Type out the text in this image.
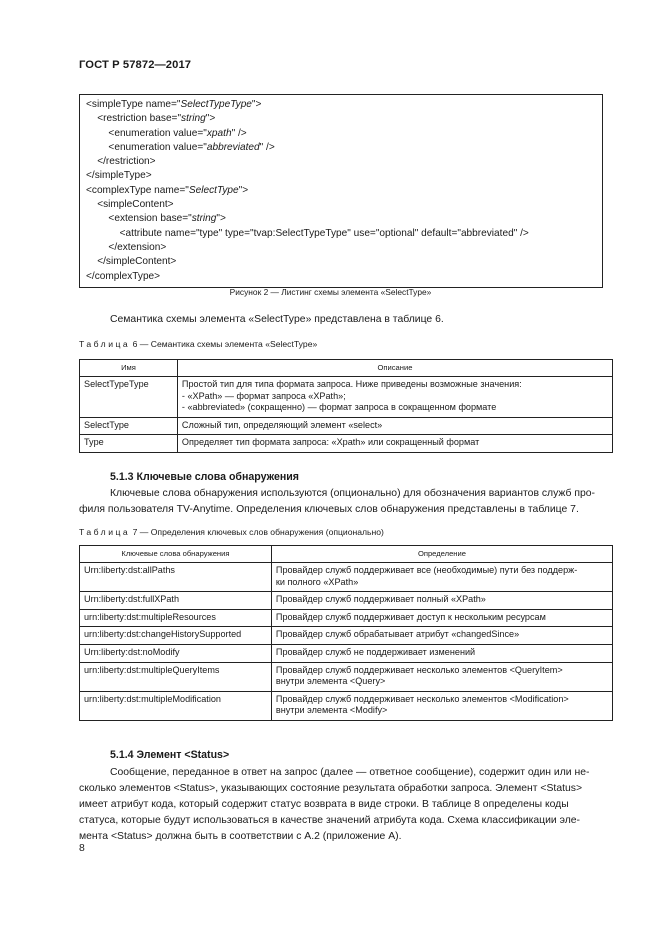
ГОСТ Р 57872—2017
<simpleType name="SelectTypeType">
<restriction base="string">
<enumeration value="xpath" />
<enumeration value="abbreviated" />
</restriction>
</simpleType>
<complexType name="SelectType">
<simpleContent>
<extension base="string">
<attribute name="type" type="tvap:SelectTypeType" use="optional" default="abbreviated" />
</extension>
</simpleContent>
</complexType>
Рисунок 2 — Листинг схемы элемента «SelectType»
Семантика схемы элемента «SelectType» представлена в таблице 6.
Таблица 6 — Семантика схемы элемента «SelectType»
Имя	Описание
SelectTypeType	Простой тип для типа формата запроса. Ниже приведены возможные значения:
- «XPath» — формат запроса «XPath»;
- «abbreviated» (сокращенно) — формат запроса в сокращенном формате

SelectType	Сложный тип, определяющий элемент «select»

Type	Определяет тип формата запроса: «Xpath» или сокращенный формат
5.1.3 Ключевые слова обнаружения
Ключевые слова обнаружения используются (опционально) для обозначения вариантов служб про-
филя пользователя TV-Anytime. Определения ключевых слов обнаружения представлены в таблице 7.
Таблица 7 — Определения ключевых слов обнаружения (опционально)
Ключевые слова обнаружения	Определение
Urn:liberty:dst:allPaths	Провайдер служб поддерживает все (необходимые) пути без поддерж-
ки полного «XPath»

Urn:liberty:dst:fullXPath	Провайдер служб поддерживает полный «XPath»

urn:liberty:dst:multipleResources	Провайдер служб поддерживает доступ к нескольким ресурсам

urn:liberty:dst:changeHistorySupported	Провайдер служб обрабатывает атрибут «changedSince»

Urn:liberty:dst:noModify	Провайдер служб не поддерживает изменений

urn:liberty:dst:multipleQueryItems	Провайдер служб поддерживает несколько элементов <QueryItem>
внутри элемента <Query>

urn:liberty:dst:multipleModification	Провайдер служб поддерживает несколько элементов <Modification>
внутри элемента <Modify>
5.1.4 Элемент <Status>
Сообщение, переданное в ответ на запрос (далее — ответное сообщение), содержит один или не-
сколько элементов <Status>, указывающих состояние результата обработки запроса. Элемент <Status>
имеет атрибут кода, который содержит статус возврата в виде строки. В таблице 8 определены коды
статуса, которые будут использоваться в качестве значений атрибута кода. Схема классификации эле-
мента <Status> должна быть в соответствии с А.2 (приложение А).
8
